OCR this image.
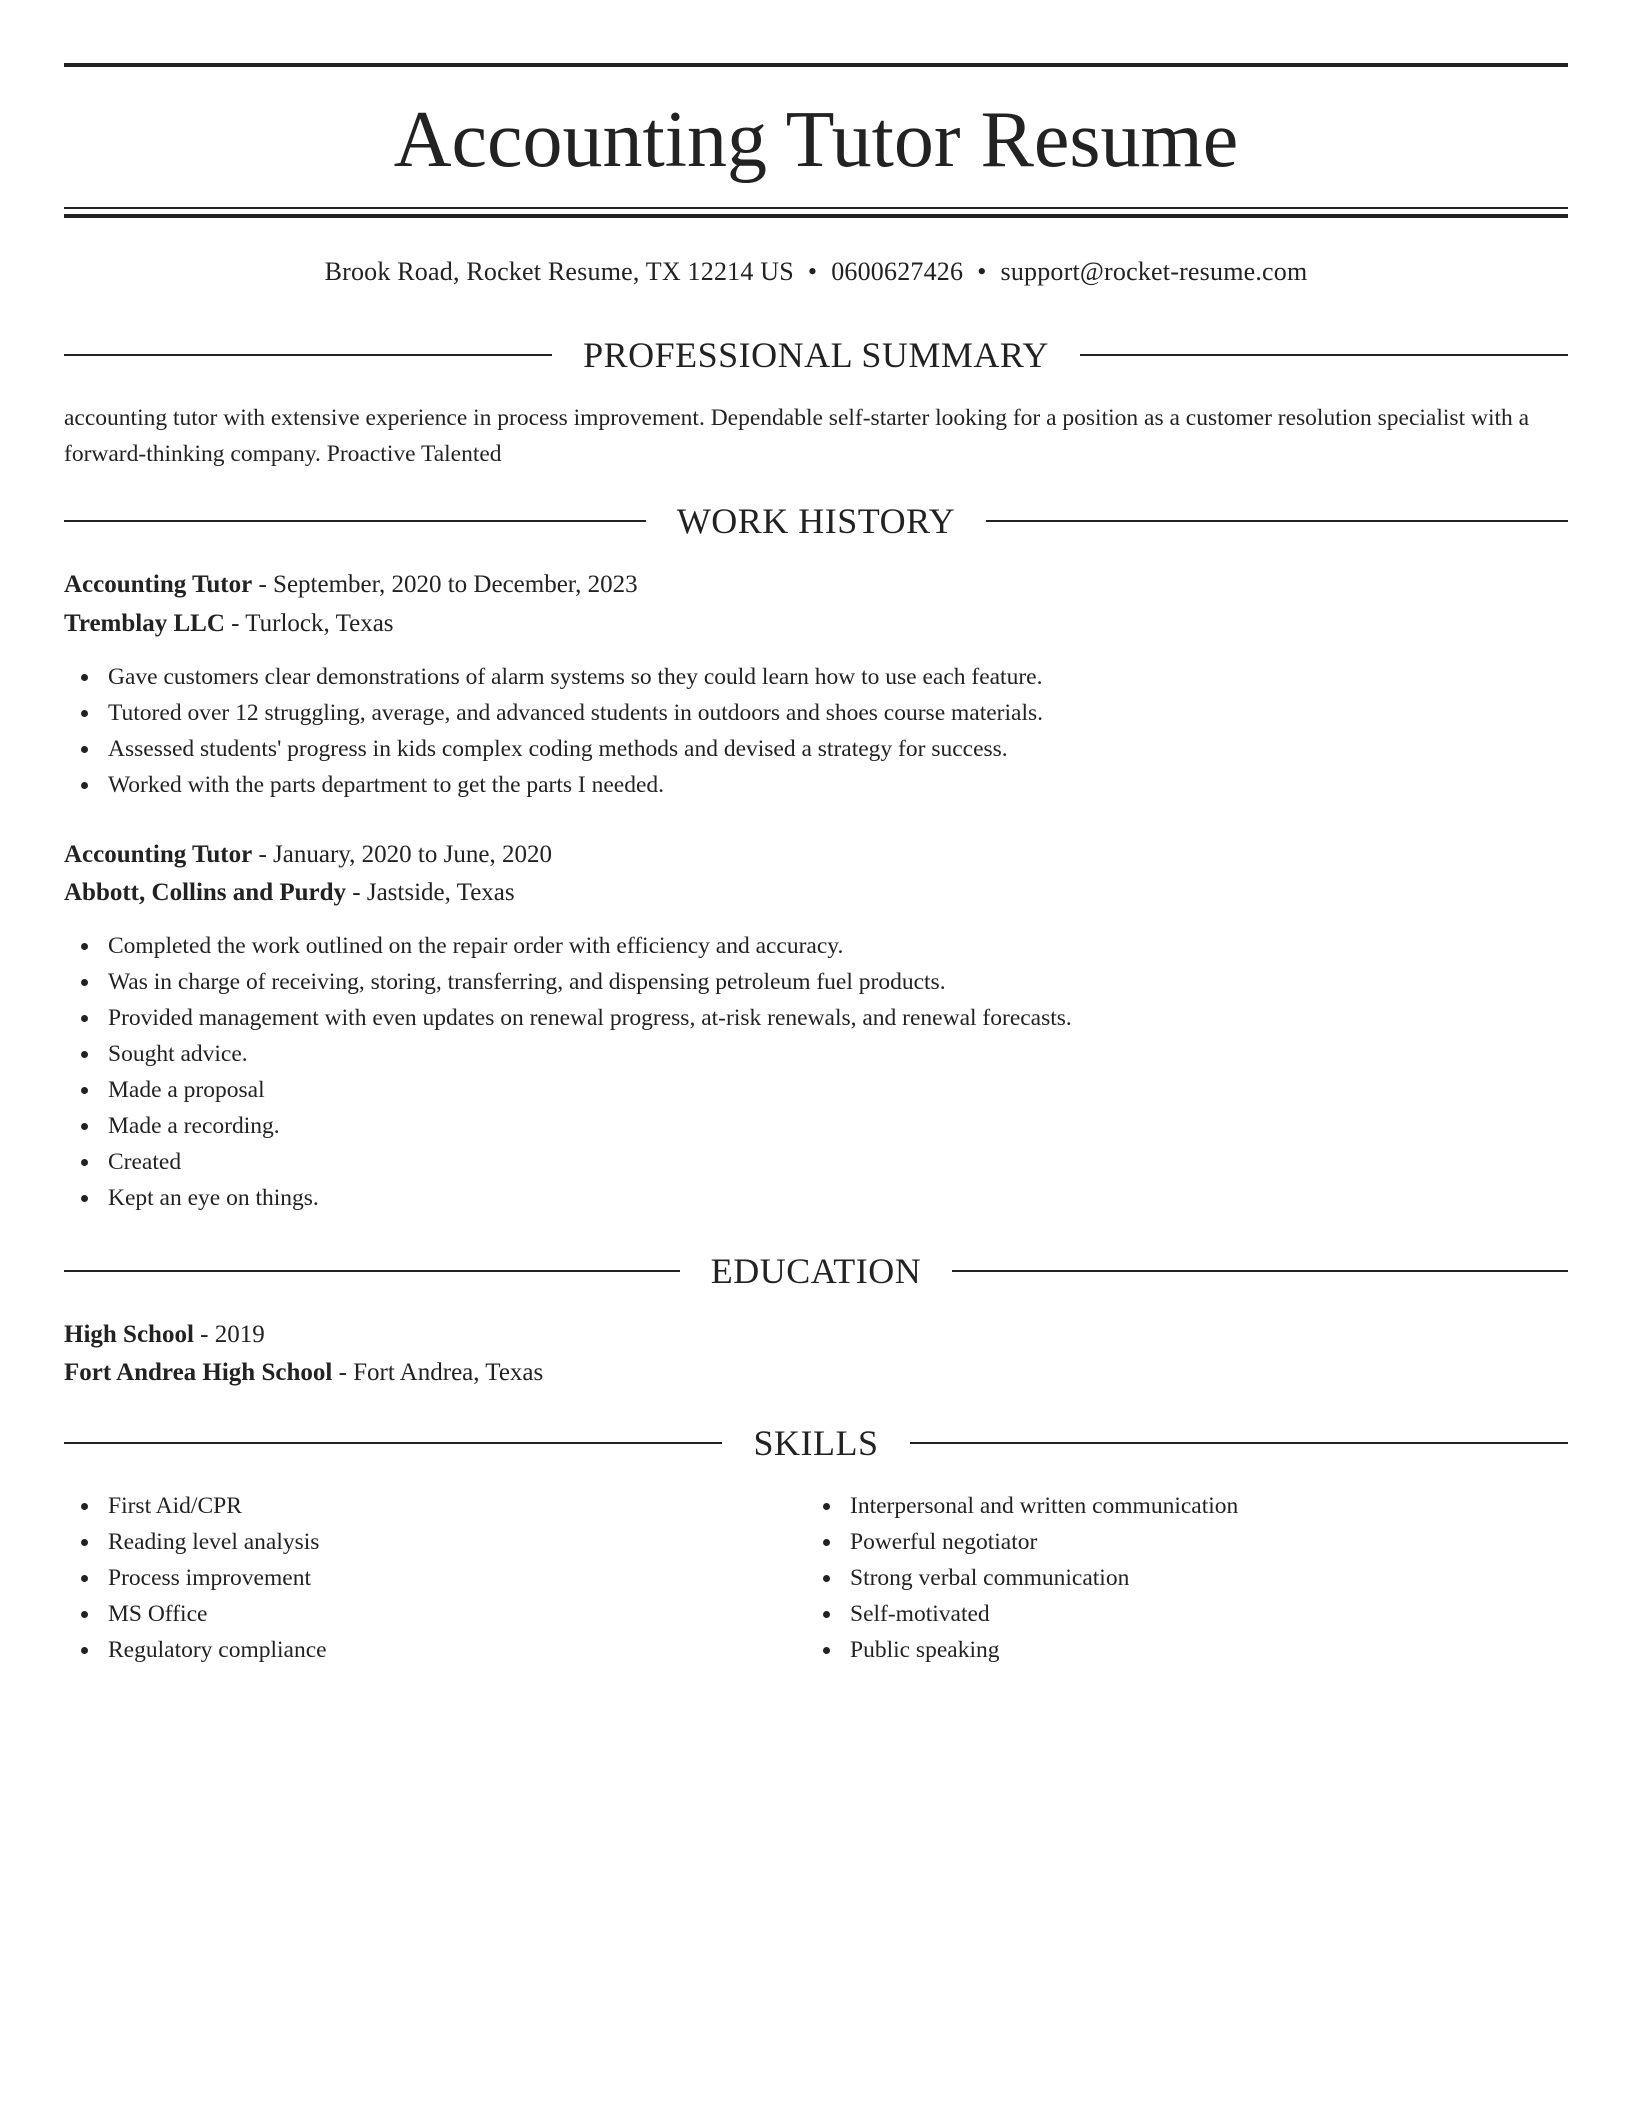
Accounting Tutor Resume
Brook Road, Rocket Resume, TX 12214 US • 0600627426 • support@rocket-resume.com
PROFESSIONAL SUMMARY

accounting tutor with extensive experience in process improvement. Dependable self-starter looking for a position as a customer resolution specialist with a forward-thinking company. Proactive Talented

WORK HISTORY
Accounting Tutor - September, 2020 to December, 2023
Tremblay LLC - Turlock, Texas
Gave customers clear demonstrations of alarm systems so they could learn how to use each feature.
Tutored over 12 struggling, average, and advanced students in outdoors and shoes course materials.
Assessed students' progress in kids complex coding methods and devised a strategy for success.
Worked with the parts department to get the parts I needed.
Accounting Tutor - January, 2020 to June, 2020
Abbott, Collins and Purdy - Jastside, Texas
Completed the work outlined on the repair order with efficiency and accuracy.
Was in charge of receiving, storing, transferring, and dispensing petroleum fuel products.
Provided management with even updates on renewal progress, at-risk renewals, and renewal forecasts.
Sought advice.
Made a proposal
Made a recording.
Created
Kept an eye on things.
EDUCATION
High School - 2019
Fort Andrea High School - Fort Andrea, Texas
SKILLS
First Aid/CPR
Reading level analysis
Process improvement
MS Office
Regulatory compliance
Interpersonal and written communication
Powerful negotiator
Strong verbal communication
Self-motivated
Public speaking
